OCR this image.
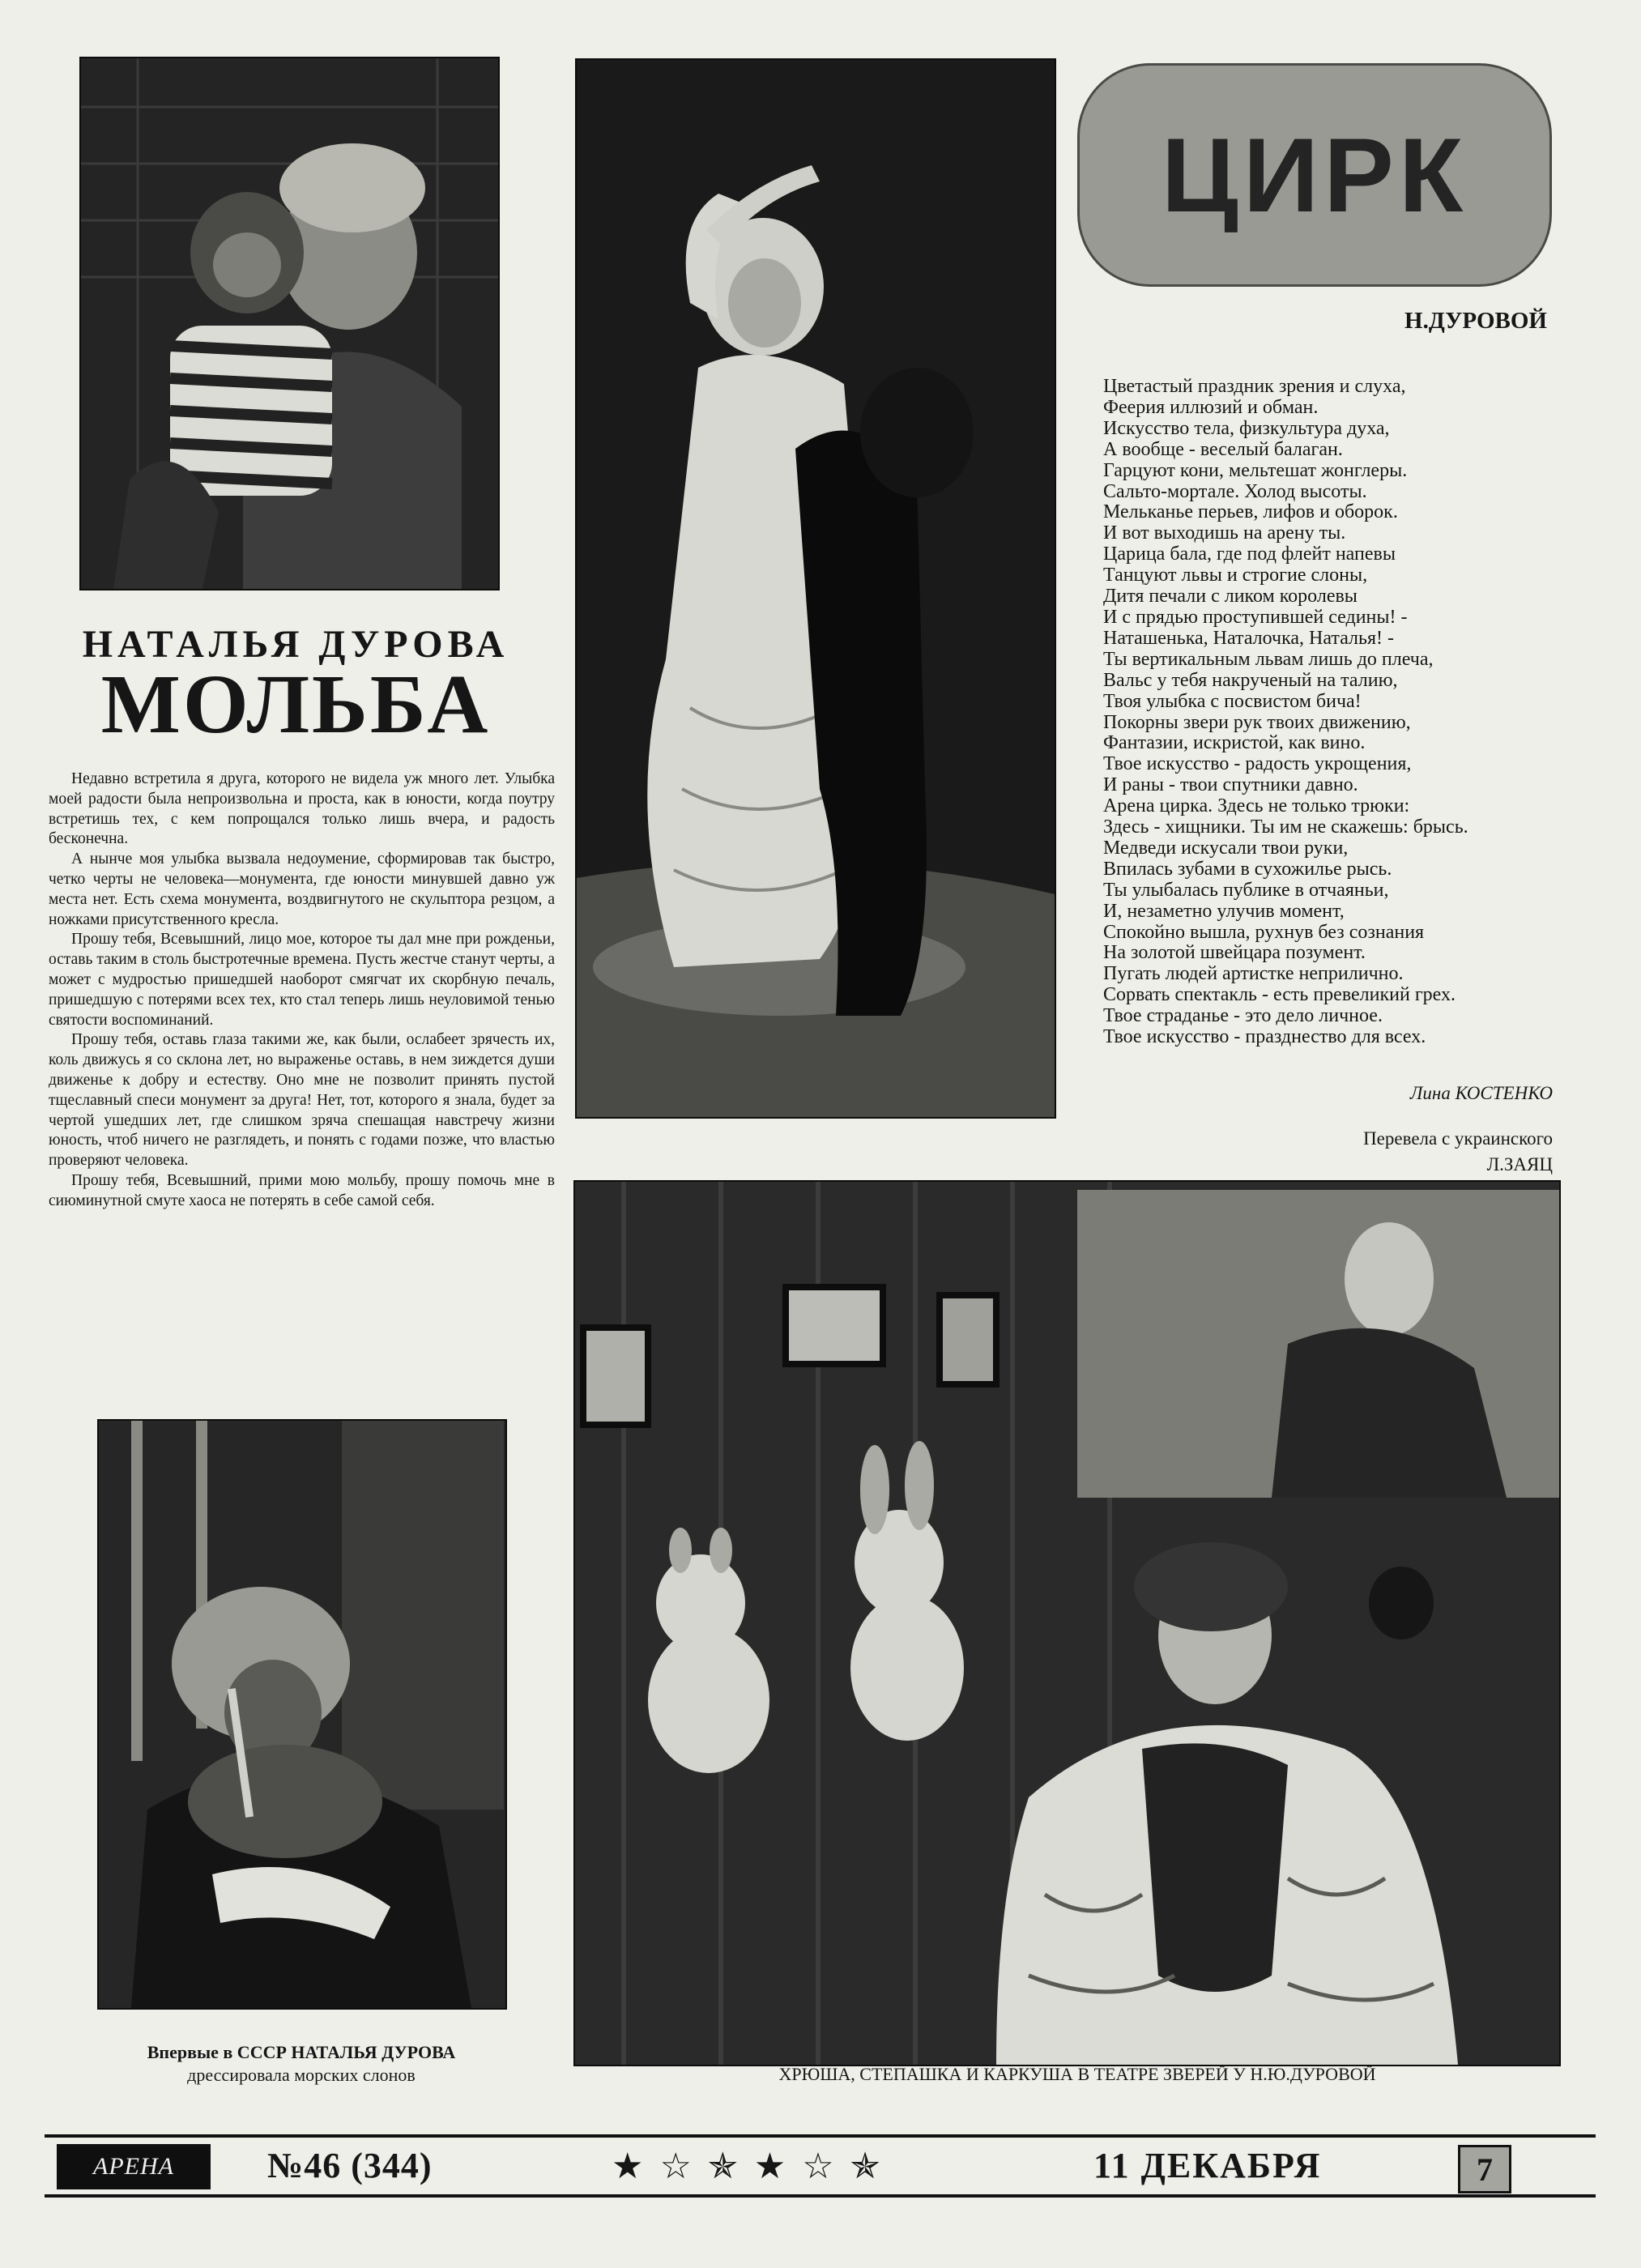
ЦИРК
НАТАЛЬЯ ДУРОВА
МОЛЬБА

Недавно встретила я друга, которого не видела уж много лет. Улыбка моей радости была непроизвольна и проста, как в юности, когда поутру встретишь тех, с кем попрощался только лишь вчера, и радость бесконечна.

А нынче моя улыбка вызвала недоумение, сформировав так быстро, четко черты не человека—монумента, где юности минувшей давно уж места нет. Есть схема монумента, воздвигнутого не скульптора резцом, а ножками присутственного кресла.

Прошу тебя, Всевышний, лицо мое, которое ты дал мне при рожденьи, оставь таким в столь быстротечные времена. Пусть жестче станут черты, а может с мудростью пришедшей наоборот смягчат их скорбную печаль, пришедшую с потерями всех тех, кто стал теперь лишь неуловимой тенью святости воспоминаний.

Прошу тебя, оставь глаза такими же, как были, ослабеет зрячесть их, коль движусь я со склона лет, но выраженье оставь, в нем зиждется души движенье к добру и естеству. Оно мне не позволит принять пустой тщеславный спеси монумент за друга! Нет, тот, которого я знала, будет за чертой ушедших лет, где слишком зряча спешащая навстречу жизни юность, чтоб ничего не разглядеть, и понять с годами позже, что властью проверяют человека.

Прошу тебя, Всевышний, прими мою мольбу, прошу помочь мне в сиюминутной смуте хаоса не потерять в себе самой себя.

Н.ДУРОВОЙ
Цветастый праздник зрения и слуха,
Феерия иллюзий и обман.
Искусство тела, физкультура духа,
А вообще - веселый балаган.
Гарцуют кони, мельтешат жонглеры.
Сальто-мортале. Холод высоты.
Мельканье перьев, лифов и оборок.
И вот выходишь на арену ты.
Царица бала, где под флейт напевы
Танцуют львы и строгие слоны,
Дитя печали с ликом королевы
И с прядью проступившей седины! -
Наташенька, Наталочка, Наталья! -
Ты вертикальным львам лишь до плеча,
Вальс у тебя накрученый на талию,
Твоя улыбка с посвистом бича!
Покорны звери рук твоих движению,
Фантазии, искристой, как вино.
Твое искусство - радость укрощения,
И раны - твои спутники давно.
Арена цирка. Здесь не только трюки:
Здесь - хищники. Ты им не скажешь: брысь.
Медведи искусали твои руки,
Впилась зубами в сухожилье рысь.
Ты улыбалась публике в отчаяньи,
И, незаметно улучив момент,
Спокойно вышла, рухнув без сознания
На золотой швейцара позумент.
Пугать людей артистке неприлично.
Сорвать спектакль - есть превеликий грех.
Твое страданье - это дело личное.
Твое искусство - празднество для всех.
Лина КОСТЕНКО
Перевела с украинского
Л.ЗАЯЦ
Впервые в СССР НАТАЛЬЯ ДУРОВА
дрессировала морских слонов	ХРЮША, СТЕПАШКА И КАРКУША В ТЕАТРЕ ЗВЕРЕЙ У Н.Ю.ДУРОВОЙ
АРЕНА	№46 (344)	★☆✯★☆✯	11 ДЕКАБРЯ	7
